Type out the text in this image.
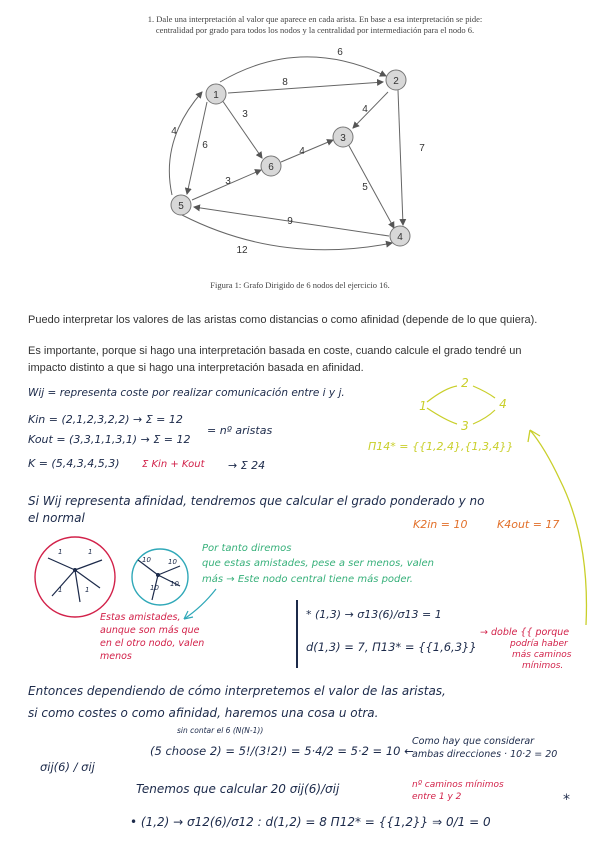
1. Dale una interpretación al valor que aparece en cada arista. En base a esa interpretación se pide:
centralidad por grado para todos los nodos y la centralidad por intermediación para el nodo 6.
1
2
3
4
5
6
6
8
4
3
6
4	7
4
5
3
9
12
Figura 1: Grafo Dirigido de 6 nodos del ejercicio 16.
Puedo interpretar los valores de las aristas como distancias o como afinidad (depende de lo que quiera).
Es importante, porque si hago una interpretación basada en coste, cuando calcule el grado tendré un
impacto distinto a que si hago una interpretación basada en afinidad.
Wij = representa coste por realizar comunicación entre i y j.
Kin = (2,1,2,3,2,2) → Σ = 12
Kout = (3,3,1,1,3,1) → Σ = 12
= nº aristas
K = (5,4,3,4,5,3) Σ Kin + Kout → Σ 24
2
1	4
3
Π14* = {{1,2,4},{1,3,4}}
Si Wij representa afinidad, tendremos que calcular el grado ponderado y no
el normal	K2in = 10	K4out = 17
1	1
1	1
10 10
10
10
Por tanto diremos
que estas amistades, pese a ser menos, valen
más → Este nodo central tiene más poder.
Estas amistades,
aunque son más que
en el otro nodo, valen
menos
* (1,3) → σ13(6)/σ13 = 1
d(1,3) = 7, Π13* = {{1,6,3}}
→ doble {{ porque
podría haber
más caminos
mínimos.
Entonces dependiendo de cómo interpretemos el valor de las aristas,
si como costes o como afinidad, haremos una cosa u otra.
sin contar el 6 (N(N-1))
(5 choose 2) = 5!/(3!2!) = 5·4/2 = 5·2 = 10 ←
Como hay que considerar
ambas direcciones · 10·2 = 20
σij(6) / σij
Tenemos que calcular 20 σij(6)/σij	nº caminos mínimos
entre 1 y 2	*
• (1,2) → σ12(6)/σ12 : d(1,2) = 8 Π12* = {{1,2}} ⇒ 0/1 = 0
